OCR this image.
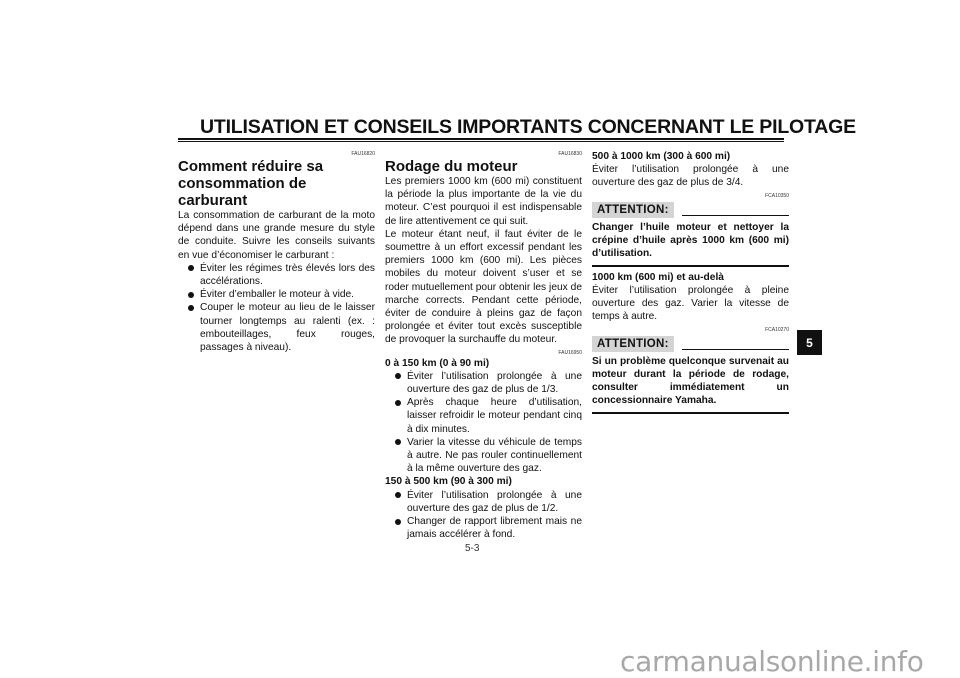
UTILISATION ET CONSEILS IMPORTANTS CONCERNANT LE PILOTAGE
FAU16820
Comment réduire sa
consommation de carburant

La consommation de carburant de la moto dépend dans une grande mesure du style de conduite. Suivre les conseils suivants en vue d’économiser le carburant :

Éviter les régimes très élevés lors des accélérations.
Éviter d’emballer le moteur à vide.
Couper le moteur au lieu de le laisser tourner longtemps au ralenti (ex. : embouteillages, feux rouges, passages à niveau).
FAU16830
Rodage du moteur

Les premiers 1000 km (600 mi) constituent la période la plus importante de la vie du moteur. C’est pourquoi il est indispensable de lire attentivement ce qui suit.

Le moteur étant neuf, il faut éviter de le soumettre à un effort excessif pendant les premiers 1000 km (600 mi). Les pièces mobiles du moteur doivent s’user et se roder mutuellement pour obtenir les jeux de marche corrects. Pendant cette période, éviter de conduire à pleins gaz de façon prolongée et éviter tout excès susceptible de provoquer la surchauffe du moteur.

FAU16950

0 à 150 km (0 à 90 mi)

Éviter l’utilisation prolongée à une ouverture des gaz de plus de 1/3.
Après chaque heure d’utilisation, laisser refroidir le moteur pendant cinq à dix minutes.
Varier la vitesse du véhicule de temps à autre. Ne pas rouler continuellement à la même ouverture des gaz.

150 à 500 km (90 à 300 mi)

Éviter l’utilisation prolongée à une ouverture des gaz de plus de 1/2.
Changer de rapport librement mais ne jamais accélérer à fond.

500 à 1000 km (300 à 600 mi)

Éviter l’utilisation prolongée à une ouverture des gaz de plus de 3/4.

FCA10350
ATTENTION:

Changer l’huile moteur et nettoyer la crépine d’huile après 1000 km (600 mi) d’utilisation.

1000 km (600 mi) et au-delà

Éviter l’utilisation prolongée à pleine ouverture des gaz. Varier la vitesse de temps à autre.

FCA10270
ATTENTION:

Si un problème quelconque survenait au moteur durant la période de rodage, consulter immédiatement un concessionnaire Yamaha.

5
5-3
carmanualsonline.info
